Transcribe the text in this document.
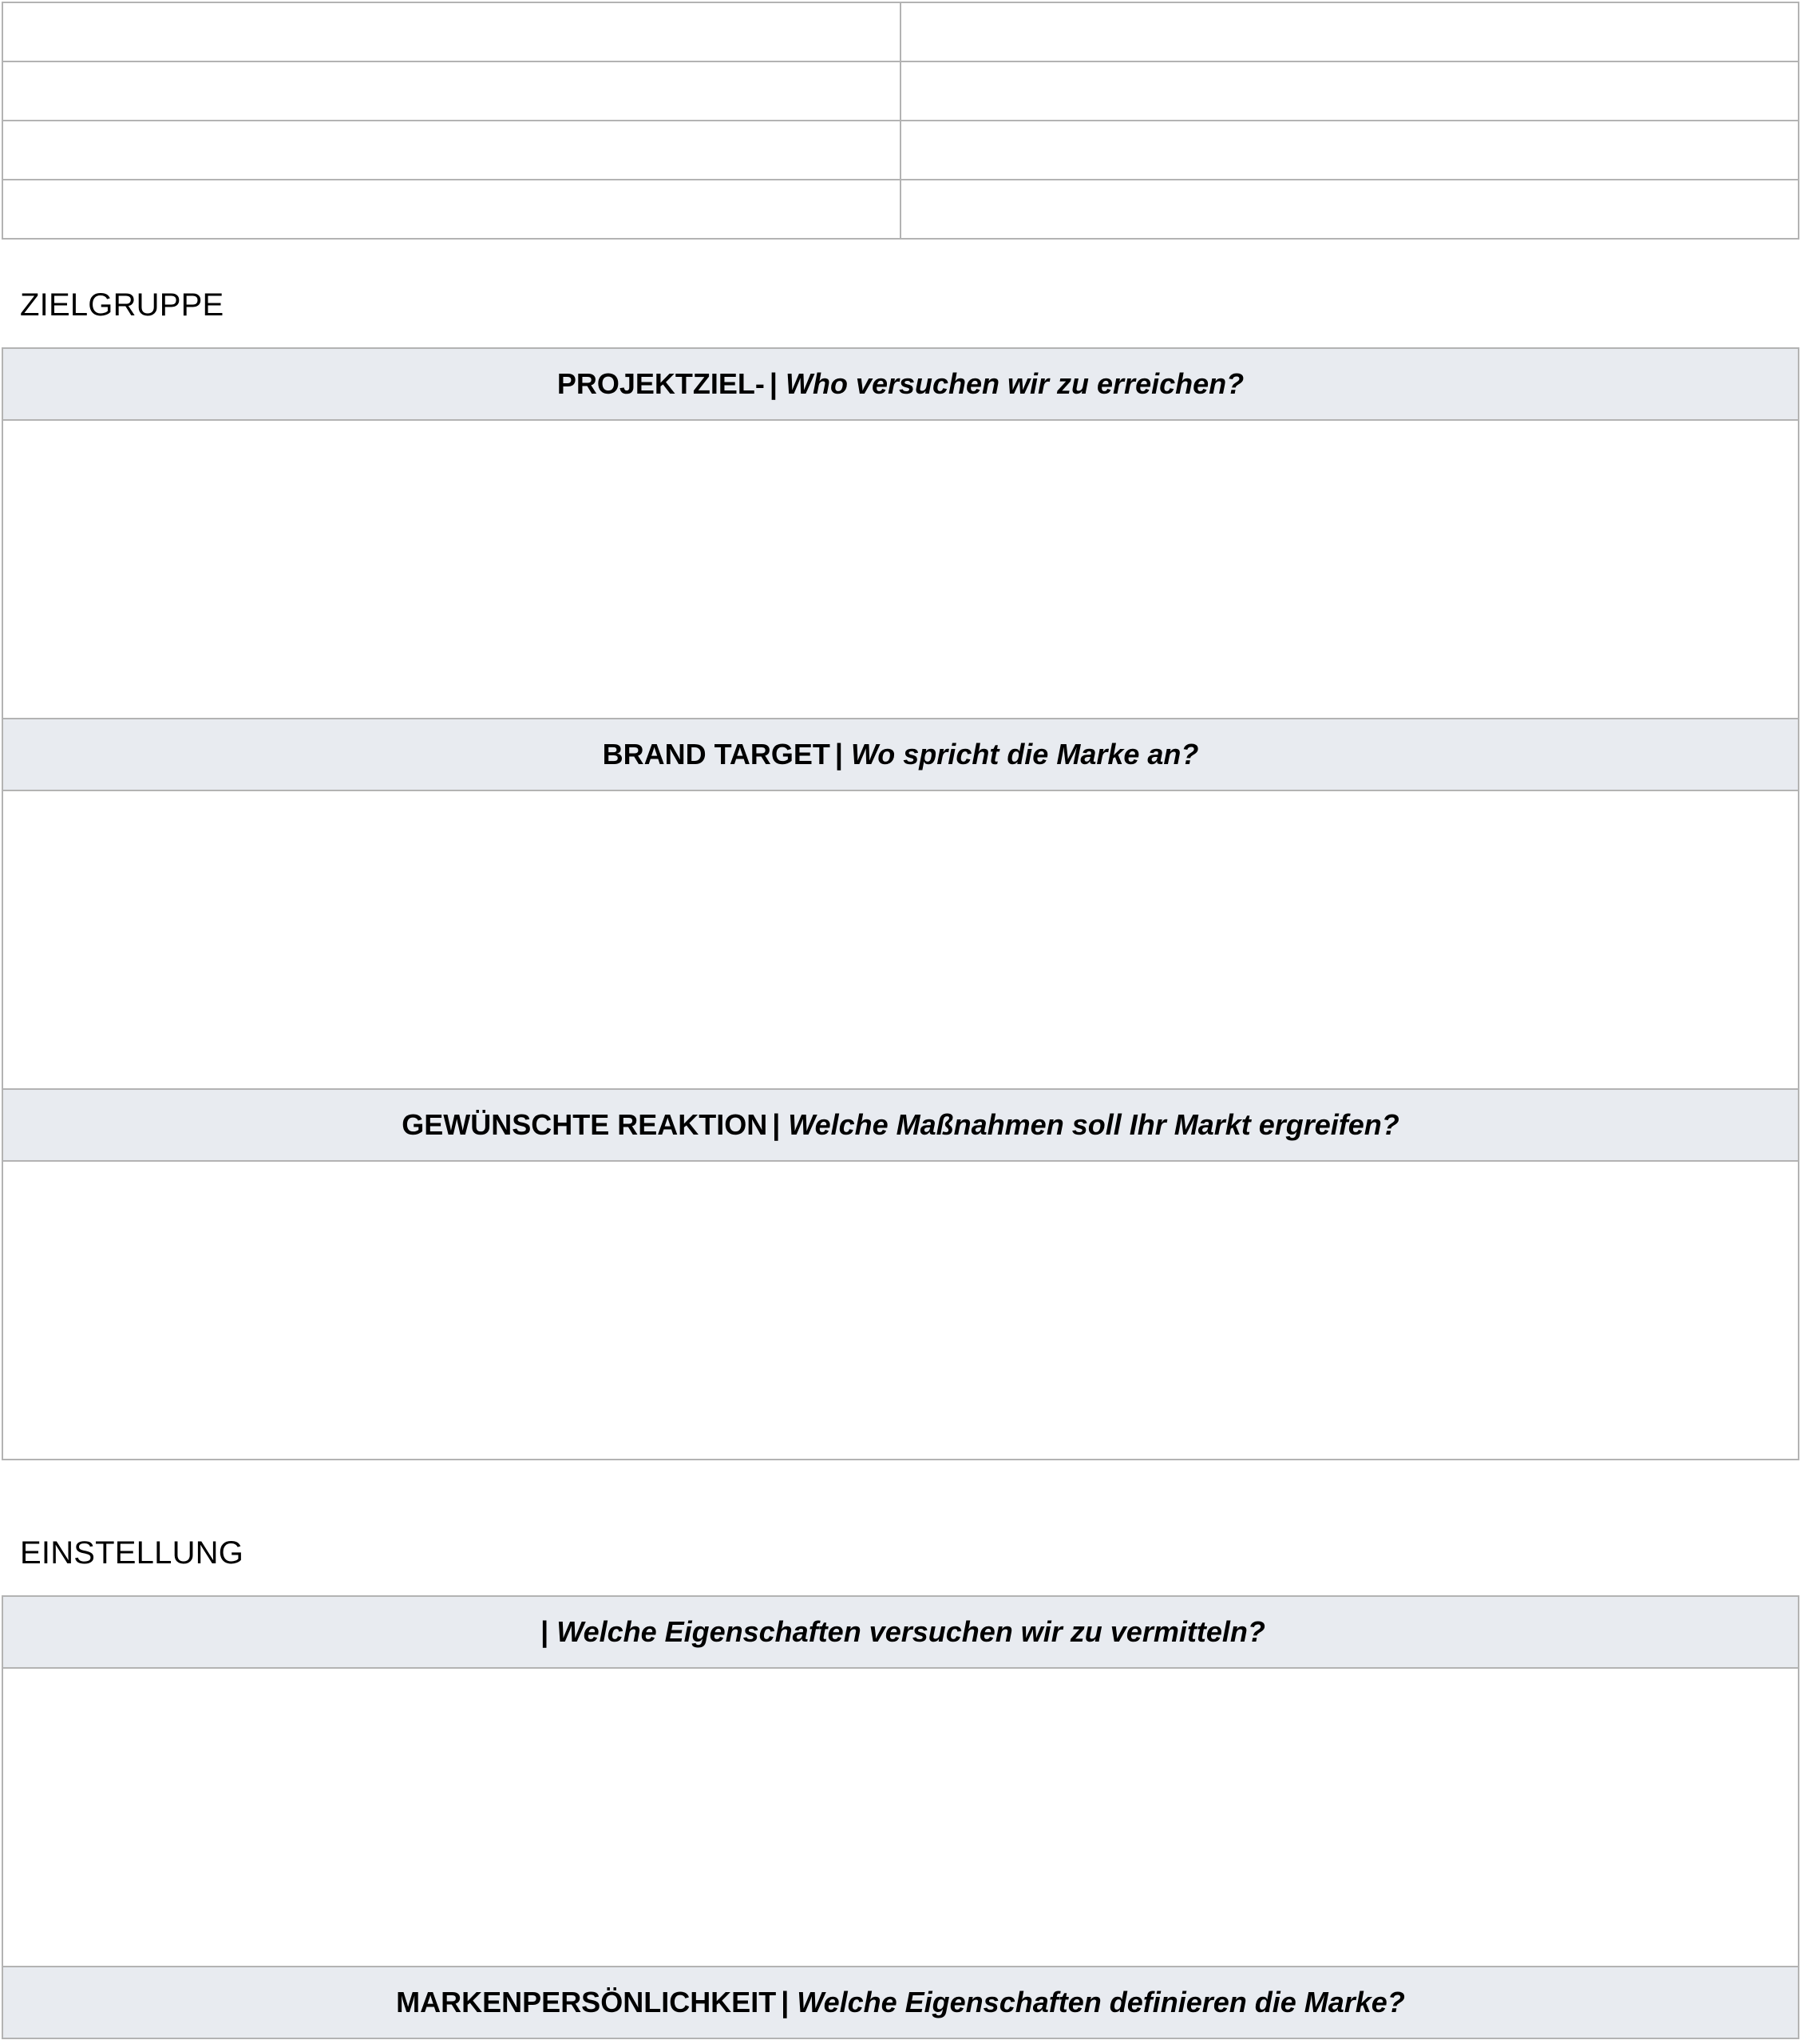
ZIELGRUPPE
PROJEKTZIEL- | Who versuchen wir zu erreichen?

BRAND TARGET | Wo spricht die Marke an?

GEWÜNSCHTE REAKTION | Welche Maßnahmen soll Ihr Markt ergreifen?

EINSTELLUNG
| Welche Eigenschaften versuchen wir zu vermitteln?

MARKENPERSÖNLICHKEIT | Welche Eigenschaften definieren die Marke?
